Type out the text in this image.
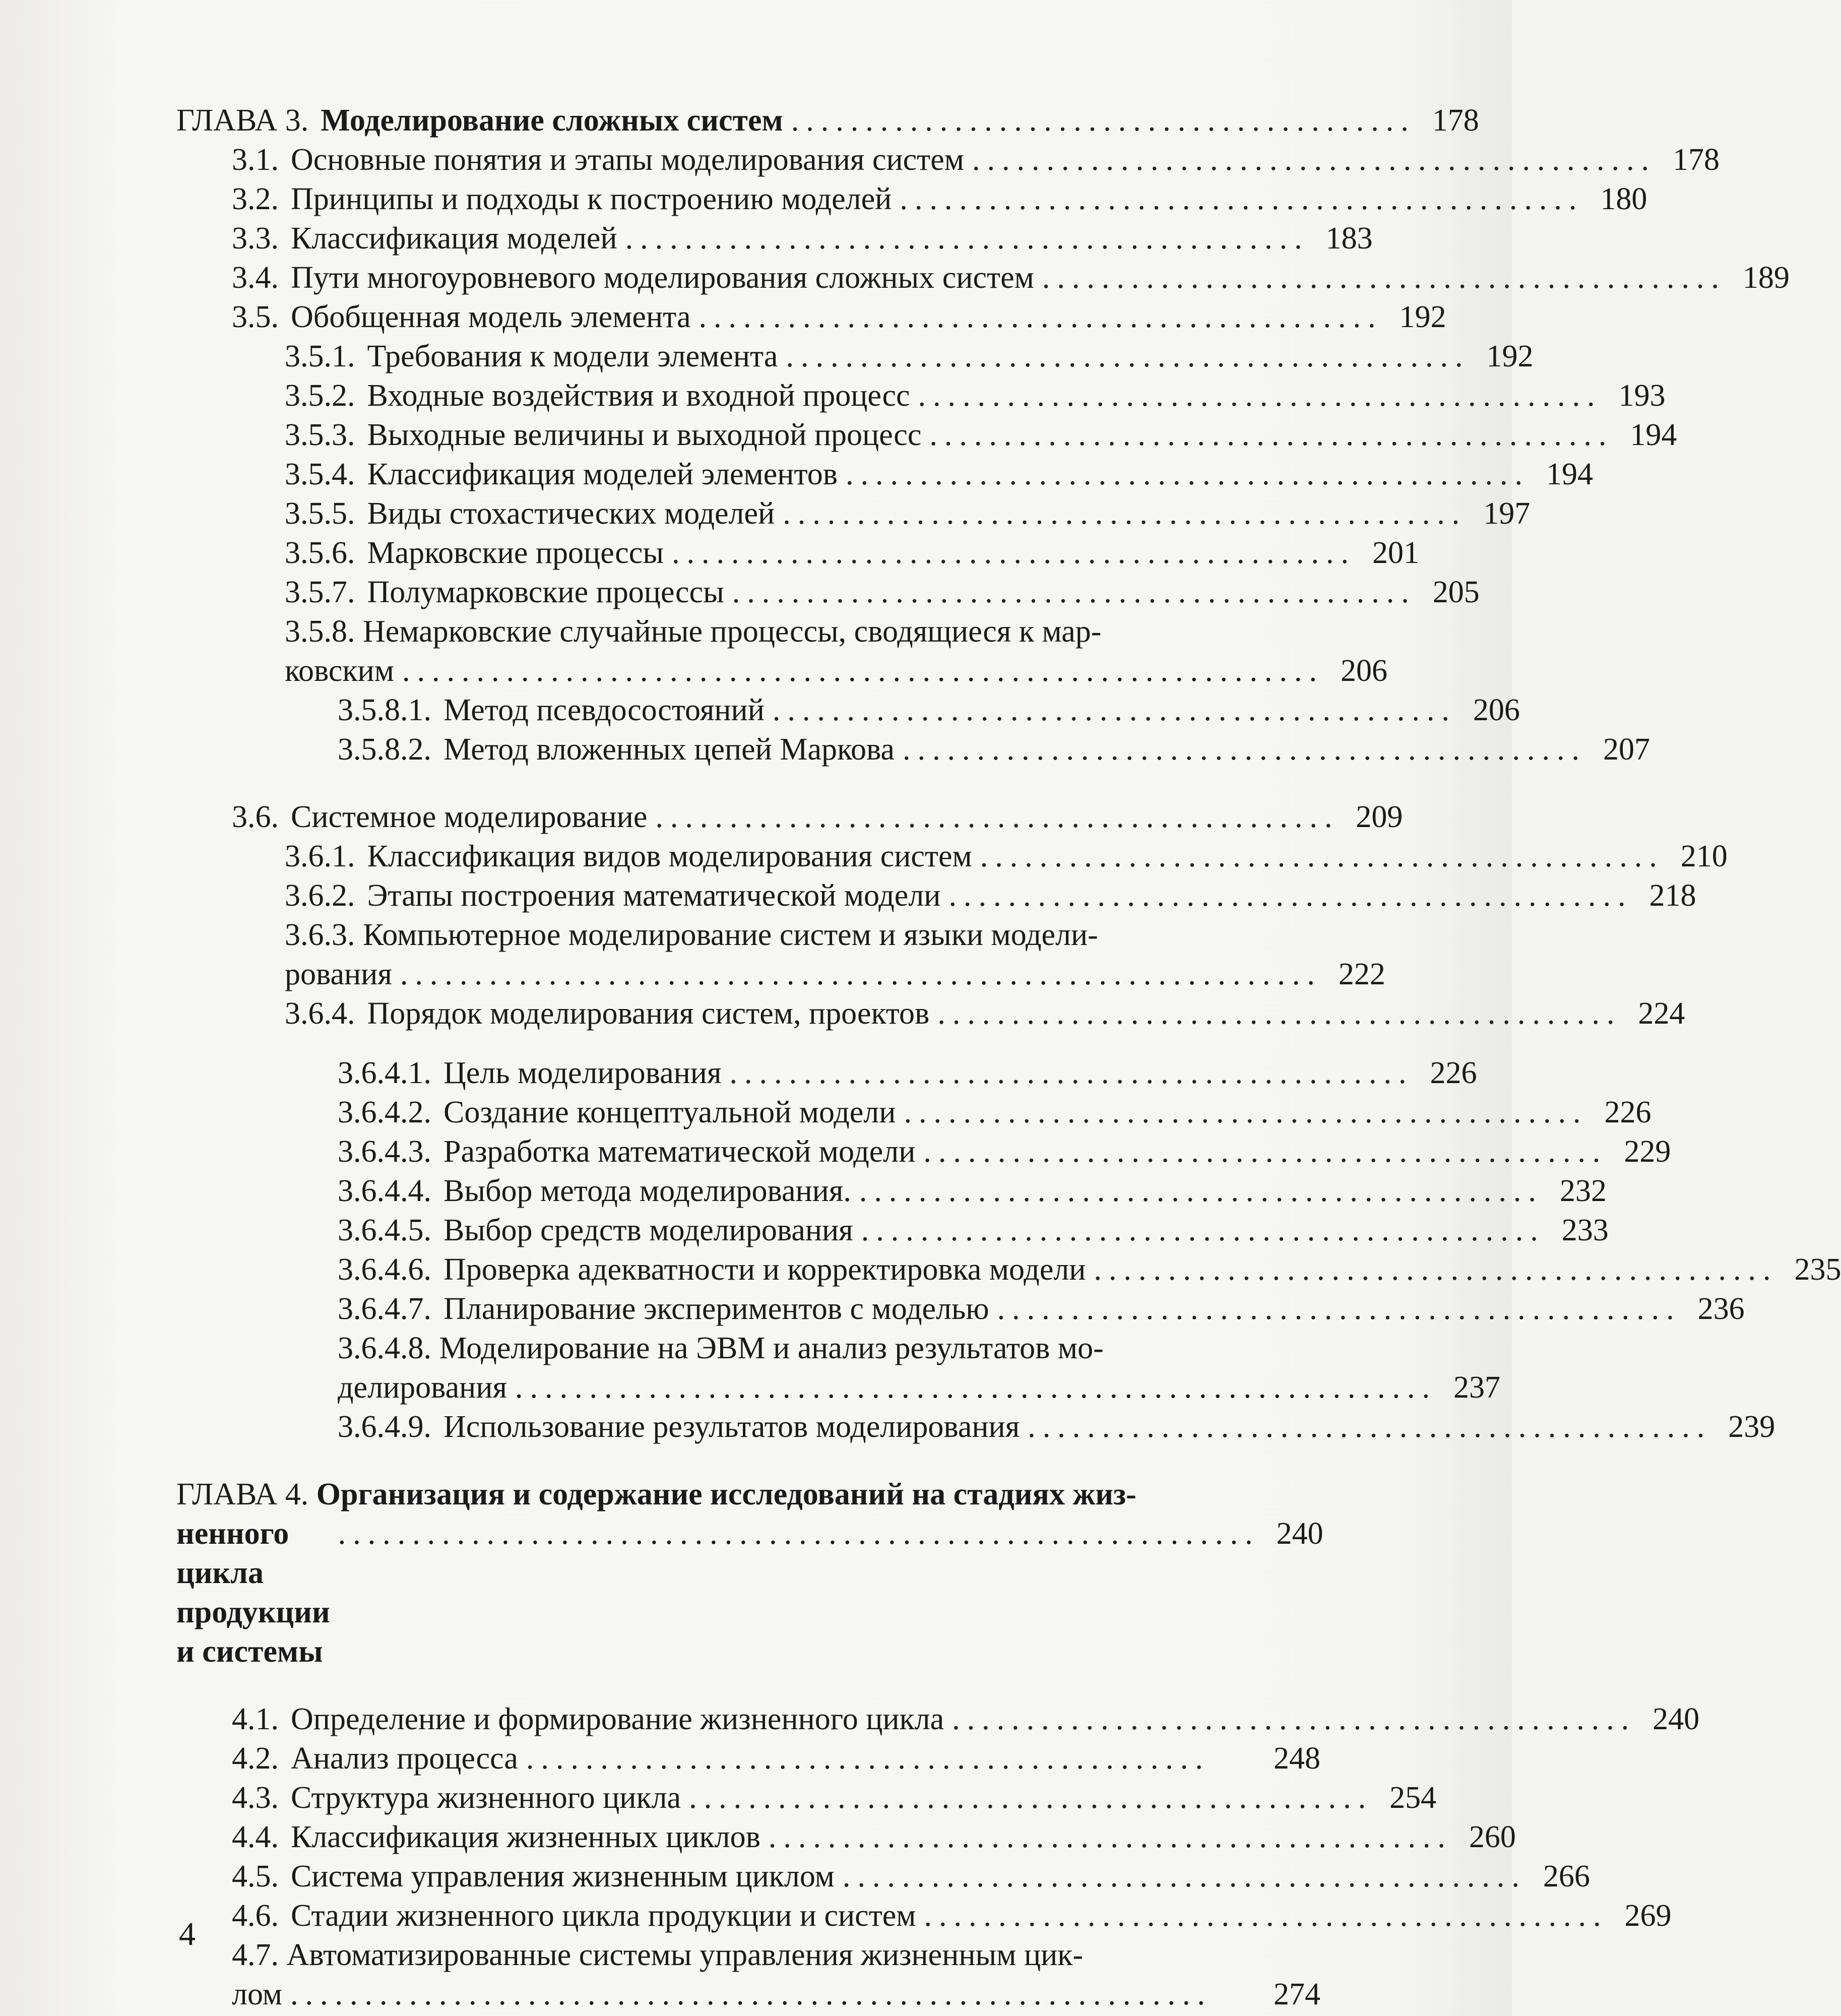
ГЛАВА 3. Моделирование сложных систем .......................................... 178
3.1. Основные понятия и этапы моделирования систем .............................................. 178
3.2. Принципы и подходы к построению моделей .............................................. 180
3.3. Классификация моделей .............................................. 183
3.4. Пути многоуровневого моделирования сложных систем .............................................. 189
3.5. Обобщенная модель элемента .............................................. 192
3.5.1. Требования к модели элемента .............................................. 192
3.5.2. Входные воздействия и входной процесс .............................................. 193
3.5.3. Выходные величины и выходной процесс .............................................. 194
3.5.4. Классификация моделей элементов .............................................. 194
3.5.5. Виды стохастических моделей .............................................. 197
3.5.6. Марковские процессы .............................................. 201
3.5.7. Полумарковские процессы .............................................. 205
3.5.8. Немарковские случайные процессы, сводящиеся к мар-
ковским .............................................................. 206
3.5.8.1. Метод псевдосостояний .............................................. 206
3.5.8.2. Метод вложенных цепей Маркова .............................................. 207
3.6. Системное моделирование .............................................. 209
3.6.1. Классификация видов моделирования систем .............................................. 210
3.6.2. Этапы построения математической модели .............................................. 218
3.6.3. Компьютерное моделирование систем и языки модели-
рования .............................................................. 222
3.6.4. Порядок моделирования систем, проектов .............................................. 224
3.6.4.1. Цель моделирования .............................................. 226
3.6.4.2. Создание концептуальной модели .............................................. 226
3.6.4.3. Разработка математической модели .............................................. 229
3.6.4.4. Выбор метода моделирования. .............................................. 232
3.6.4.5. Выбор средств моделирования .............................................. 233
3.6.4.6. Проверка адекватности и корректировка модели .............................................. 235
3.6.4.7. Планирование экспериментов с моделью .............................................. 236
3.6.4.8. Моделирование на ЭВМ и анализ результатов мо-
делирования .............................................................. 237
3.6.4.9. Использование результатов моделирования .............................................. 239
ГЛАВА 4. Организация и содержание исследований на стадиях жиз-
ненного цикла продукции и системы
.............................................................. 240
4.1. Определение и формирование жизненного цикла .............................................. 240
4.2. Анализ процесса ..............................................	248
4.3. Структура жизненного цикла .............................................. 254
4.4. Классификация жизненных циклов .............................................. 260
4.5. Система управления жизненным циклом .............................................. 266
4.6. Стадии жизненного цикла продукции и систем .............................................. 269
4.7. Автоматизированные системы управления жизненным цик-
лом ..............................................................	274
4
